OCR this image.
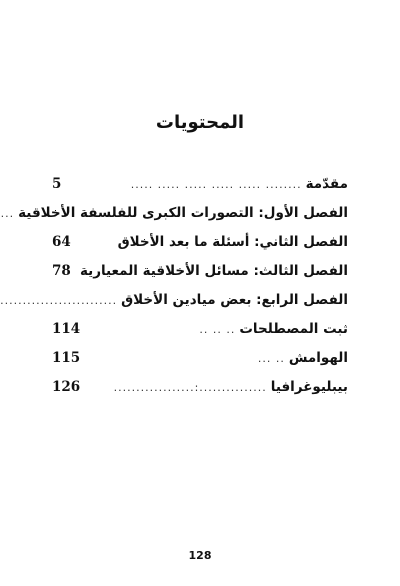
المحتويات
مقدّمة
........ ..... ..... ..... ..... .....
5
الفصل الأول: التصورات الكبرى للفلسفة الأخلاقية
...
الفصل الثاني: أسئلة ما بعد الأخلاق
64
الفصل الثالث: مسائل الأخلاقية المعيارية
78
الفصل الرابع: بعض ميادين الأخلاق
..........................
ثبت المصطلحات
.. .. ..
114
الهوامش
.. ...
115
بيبليوغرافيا
...............:..................
126
128
